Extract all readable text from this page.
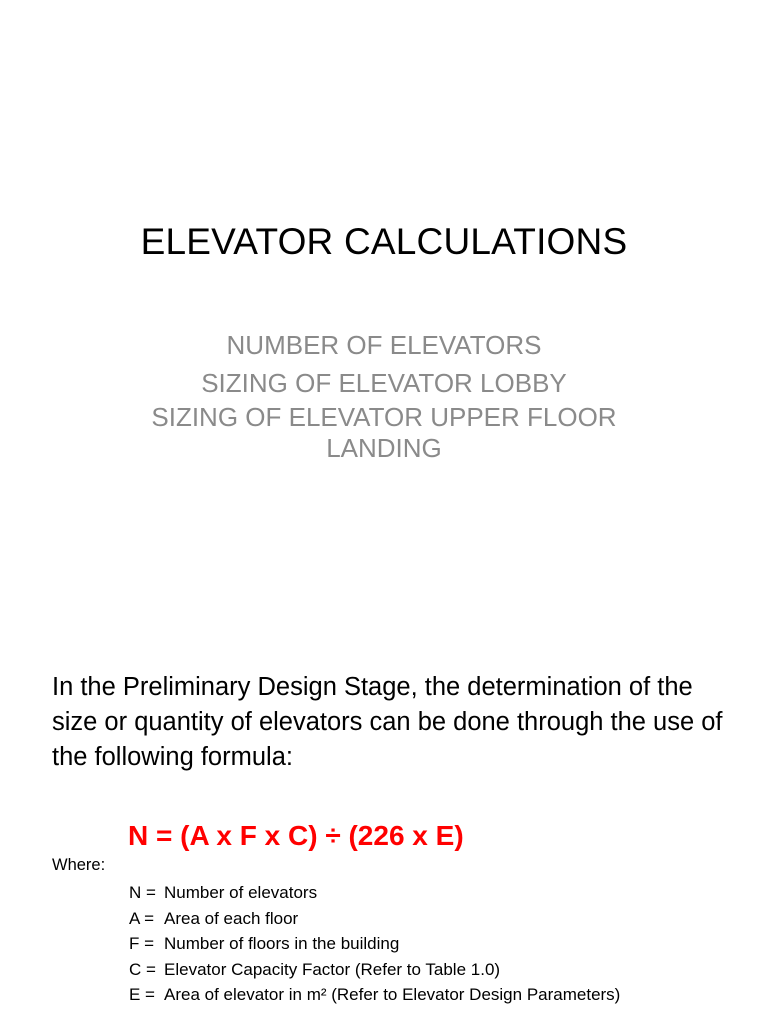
ELEVATOR CALCULATIONS
NUMBER OF ELEVATORS
SIZING OF ELEVATOR LOBBY
SIZING OF ELEVATOR UPPER FLOOR
LANDING
In the Preliminary Design Stage, the determination of the size or quantity of elevators can be done through the use of the following formula:
N = (A x F x C) ÷ (226 x E)
Where:
N = Number of elevators
A = Area of each floor
F = Number of floors in the building
C = Elevator Capacity Factor (Refer to Table 1.0)
E = Area of elevator in m² (Refer to Elevator Design Parameters)
